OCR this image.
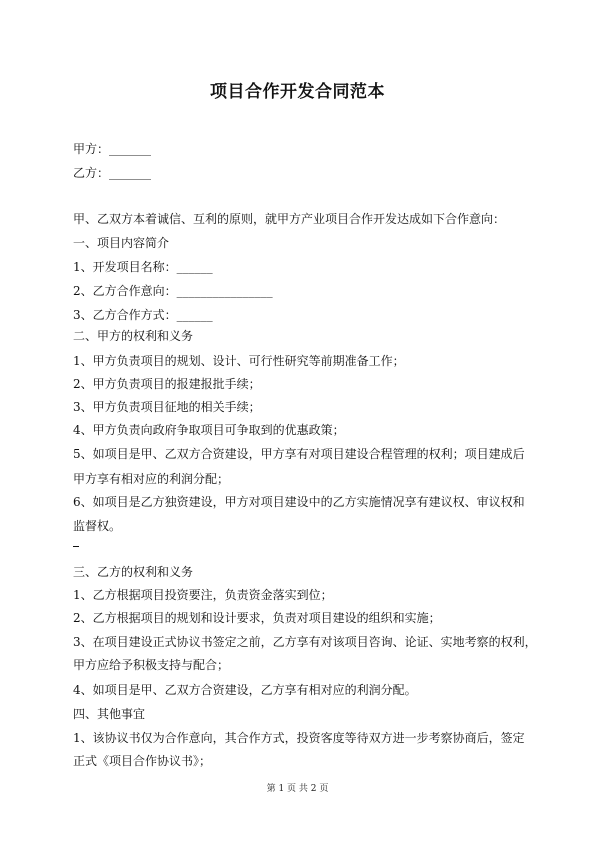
项目合作开发合同范本
甲方：_______
乙方：_______
甲、乙双方本着诚信、互利的原则，就甲方产业项目合作开发达成如下合作意向：
一、项目内容简介
1、开发项目名称：______
2、乙方合作意向：________________
3、乙方合作方式：______
二、甲方的权利和义务
1、甲方负责项目的规划、设计、可行性研究等前期准备工作；
2、甲方负责项目的报建报批手续；
3、甲方负责项目征地的相关手续；
4、甲方负责向政府争取项目可争取到的优惠政策；
5、如项目是甲、乙双方合资建设，甲方享有对项目建设合程管理的权利；项目建成后
甲方享有相对应的利润分配；
6、如项目是乙方独资建设，甲方对项目建设中的乙方实施情况享有建议权、审议权和
监督权。
三、乙方的权利和义务
1、乙方根据项目投资要注，负责资金落实到位；
2、乙方根据项目的规划和设计要求，负责对项目建设的组织和实施；
3、在项目建设正式协议书签定之前，乙方享有对该项目咨询、论证、实地考察的权利，
甲方应给予积极支持与配合；
4、如项目是甲、乙双方合资建设，乙方享有相对应的利润分配。
四、其他事宜
1、该协议书仅为合作意向，其合作方式，投资客度等待双方进一步考察协商后，签定
正式《项目合作协议书》；
第 1 页 共 2 页
